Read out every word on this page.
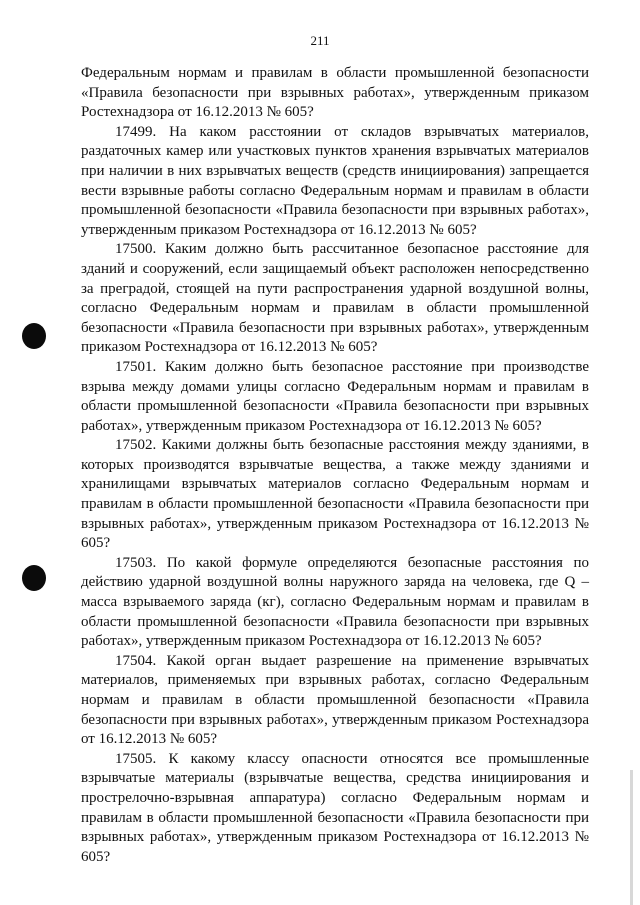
211

Федеральным нормам и правилам в области промышленной безопасности «Правила безопасности при взрывных работах», утвержденным приказом Ростехнадзора от 16.12.2013 № 605?

17499. На каком расстоянии от складов взрывчатых материалов, раздаточных камер или участковых пунктов хранения взрывчатых материалов при наличии в них взрывчатых веществ (средств инициирования) запрещается вести взрывные работы согласно Федеральным нормам и правилам в области промышленной безопасности «Правила безопасности при взрывных работах», утвержденным приказом Ростехнадзора от 16.12.2013 № 605?

17500. Каким должно быть рассчитанное безопасное расстояние для зданий и сооружений, если защищаемый объект расположен непосредственно за преградой, стоящей на пути распространения ударной воздушной волны, согласно Федеральным нормам и правилам в области промышленной безопасности «Правила безопасности при взрывных работах», утвержденным приказом Ростехнадзора от 16.12.2013 № 605?

17501. Каким должно быть безопасное расстояние при производстве взрыва между домами улицы согласно Федеральным нормам и правилам в области промышленной безопасности «Правила безопасности при взрывных работах», утвержденным приказом Ростехнадзора от 16.12.2013 № 605?

17502. Какими должны быть безопасные расстояния между зданиями, в которых производятся взрывчатые вещества, а также между зданиями и хранилищами взрывчатых материалов согласно Федеральным нормам и правилам в области промышленной безопасности «Правила безопасности при взрывных работах», утвержденным приказом Ростехнадзора от 16.12.2013 № 605?

17503. По какой формуле определяются безопасные расстояния по действию ударной воздушной волны наружного заряда на человека, где Q – масса взрываемого заряда (кг), согласно Федеральным нормам и правилам в области промышленной безопасности «Правила безопасности при взрывных работах», утвержденным приказом Ростехнадзора от 16.12.2013 № 605?

17504. Какой орган выдает разрешение на применение взрывчатых материалов, применяемых при взрывных работах, согласно Федеральным нормам и правилам в области промышленной безопасности «Правила безопасности при взрывных работах», утвержденным приказом Ростехнадзора от 16.12.2013 № 605?

17505. К какому классу опасности относятся все промышленные взрывчатые материалы (взрывчатые вещества, средства инициирования и прострелочно-взрывная аппаратура) согласно Федеральным нормам и правилам в области промышленной безопасности «Правила безопасности при взрывных работах», утвержденным приказом Ростехнадзора от 16.12.2013 № 605?
